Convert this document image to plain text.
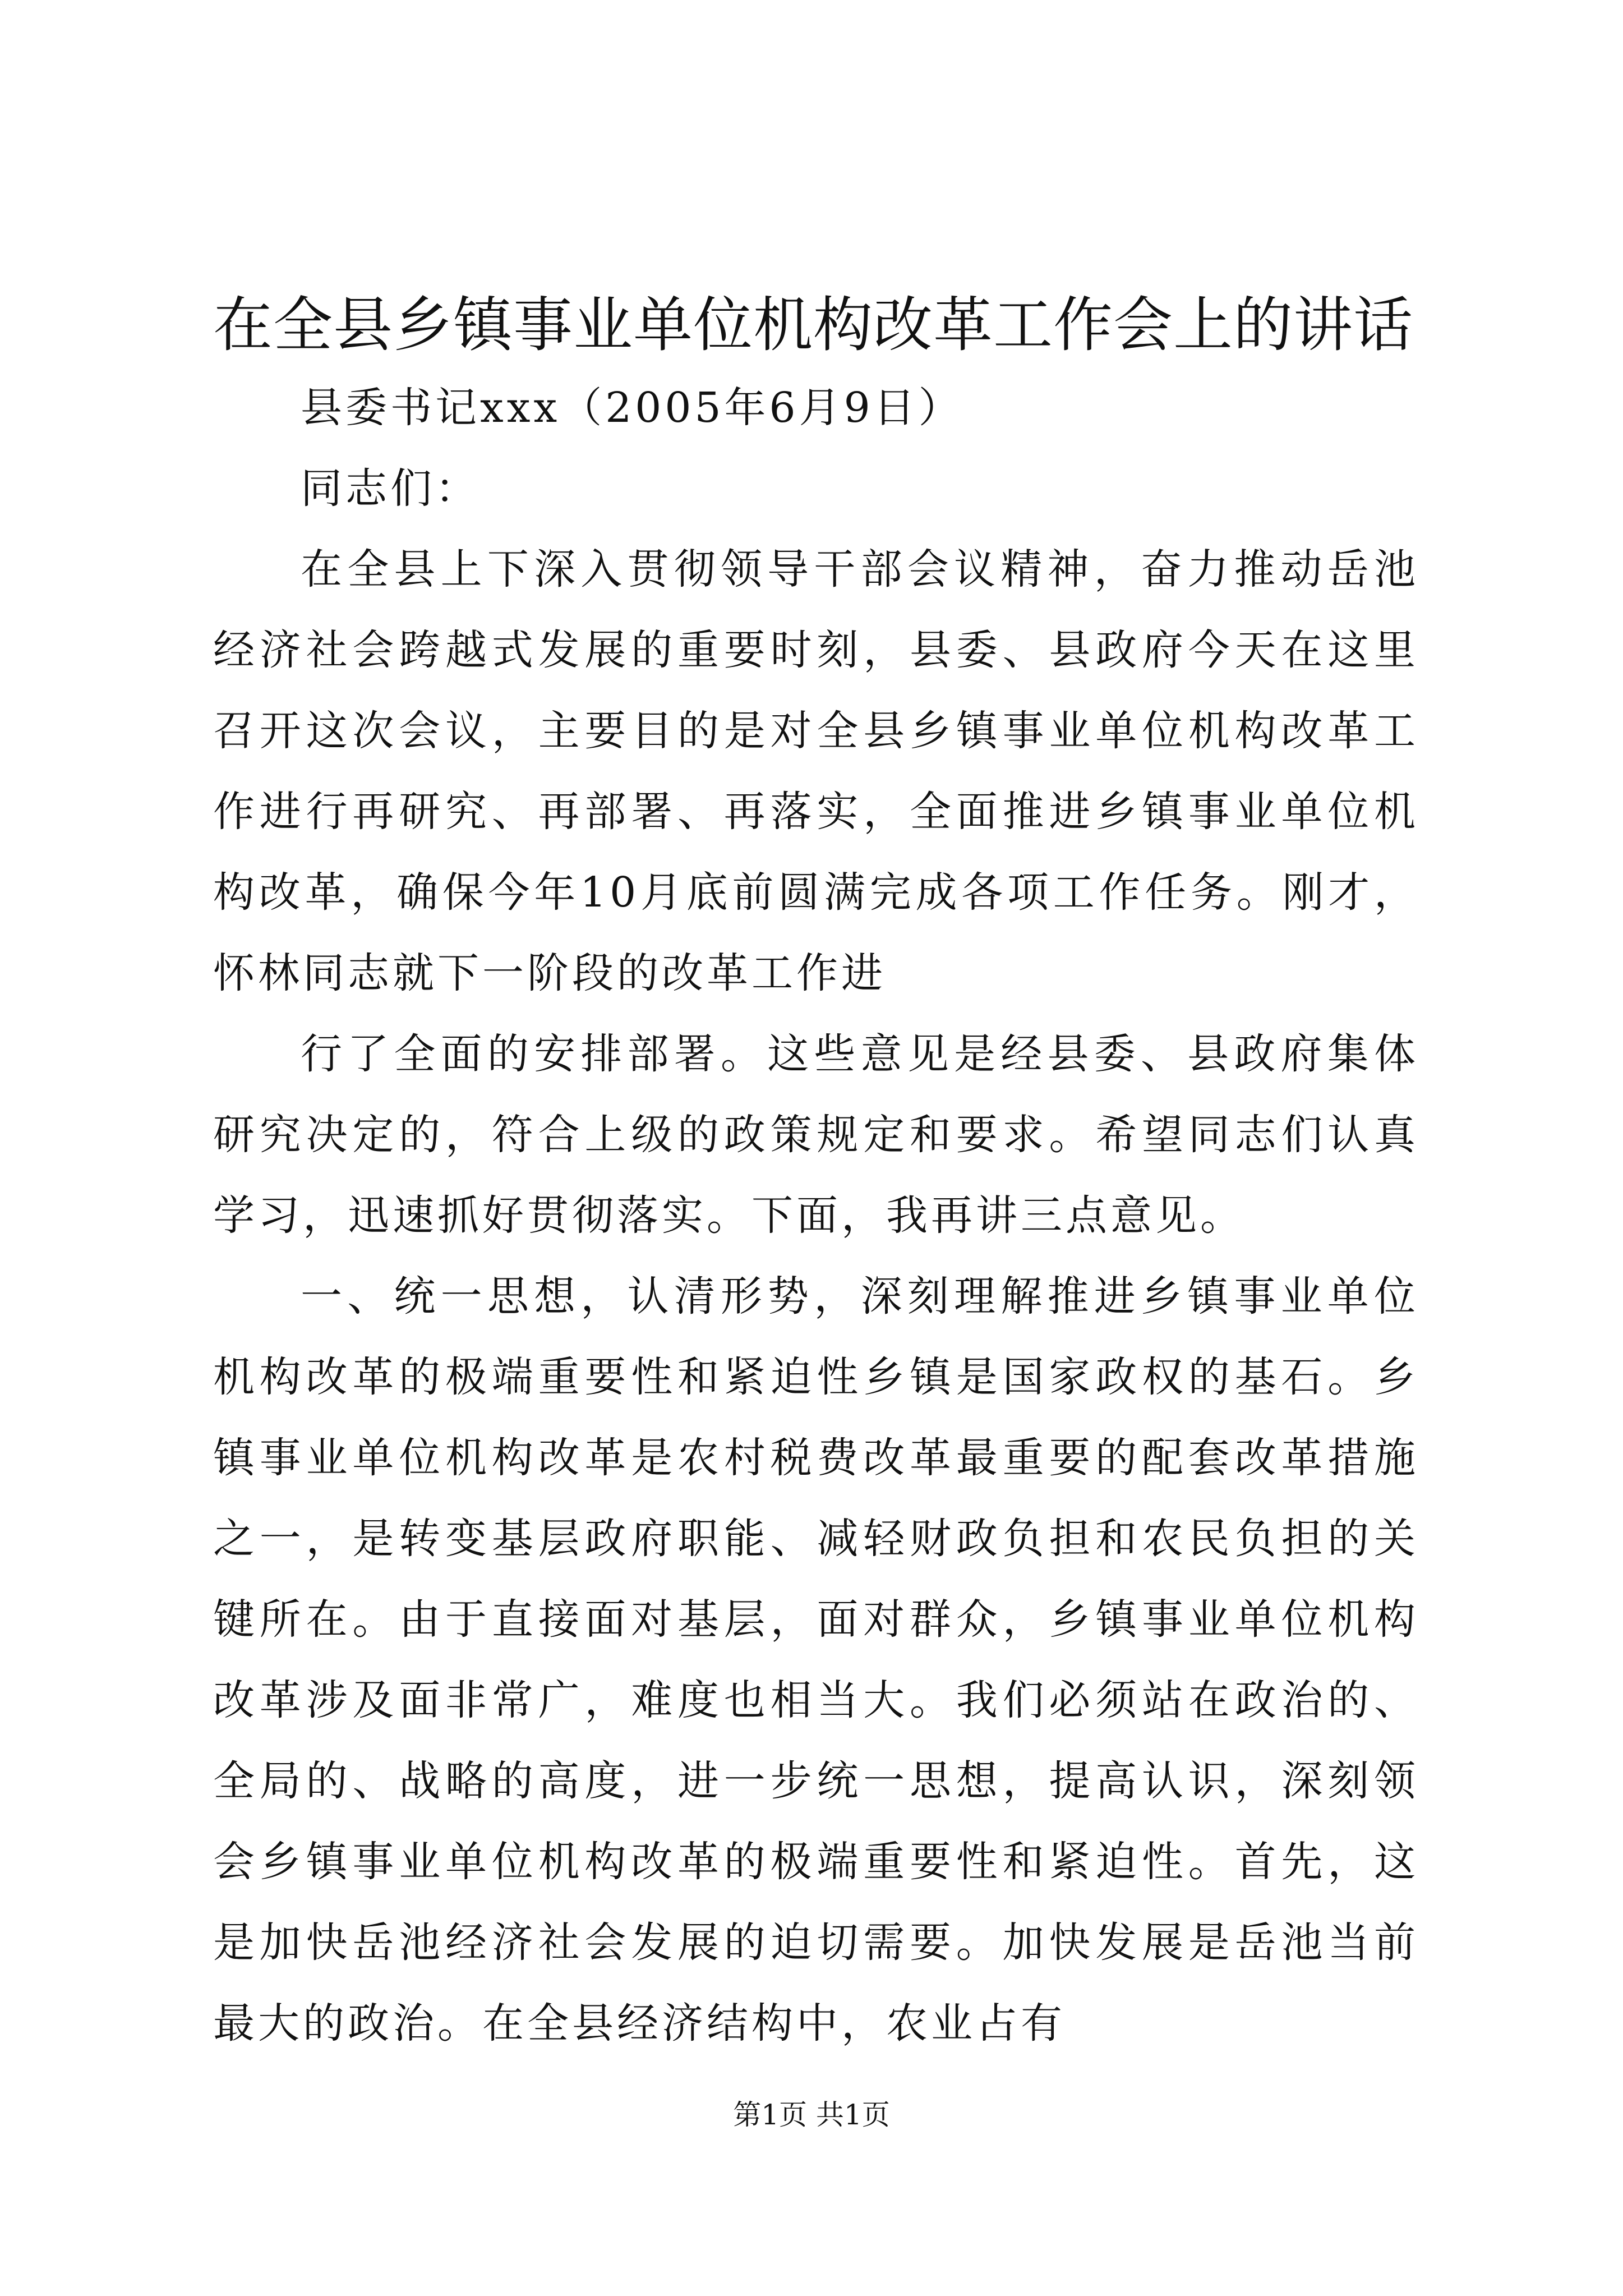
在全县乡镇事业单位机构改革工作会上的讲话

县委书记xxx（2005年6月9日）

同志们：

在全县上下深入贯彻领导干部会议精神，奋力推动岳池经济社会跨越式发展的重要时刻，县委、县政府今天在这里召开这次会议，主要目的是对全县乡镇事业单位机构改革工作进行再研究、再部署、再落实，全面推进乡镇事业单位机构改革，确保今年10月底前圆满完成各项工作任务。刚才，怀林同志就下一阶段的改革工作进

行了全面的安排部署。这些意见是经县委、县政府集体研究决定的，符合上级的政策规定和要求。希望同志们认真学习，迅速抓好贯彻落实。下面，我再讲三点意见。

一、统一思想，认清形势，深刻理解推进乡镇事业单位机构改革的极端重要性和紧迫性乡镇是国家政权的基石。乡镇事业单位机构改革是农村税费改革最重要的配套改革措施之一，是转变基层政府职能、减轻财政负担和农民负担的关键所在。由于直接面对基层，面对群众，乡镇事业单位机构改革涉及面非常广，难度也相当大。我们必须站在政治的、全局的、战略的高度，进一步统一思想，提高认识，深刻领会乡镇事业单位机构改革的极端重要性和紧迫性。首先，这是加快岳池经济社会发展的迫切需要。加快发展是岳池当前最大的政治。在全县经济结构中，农业占有

第1页 共1页
